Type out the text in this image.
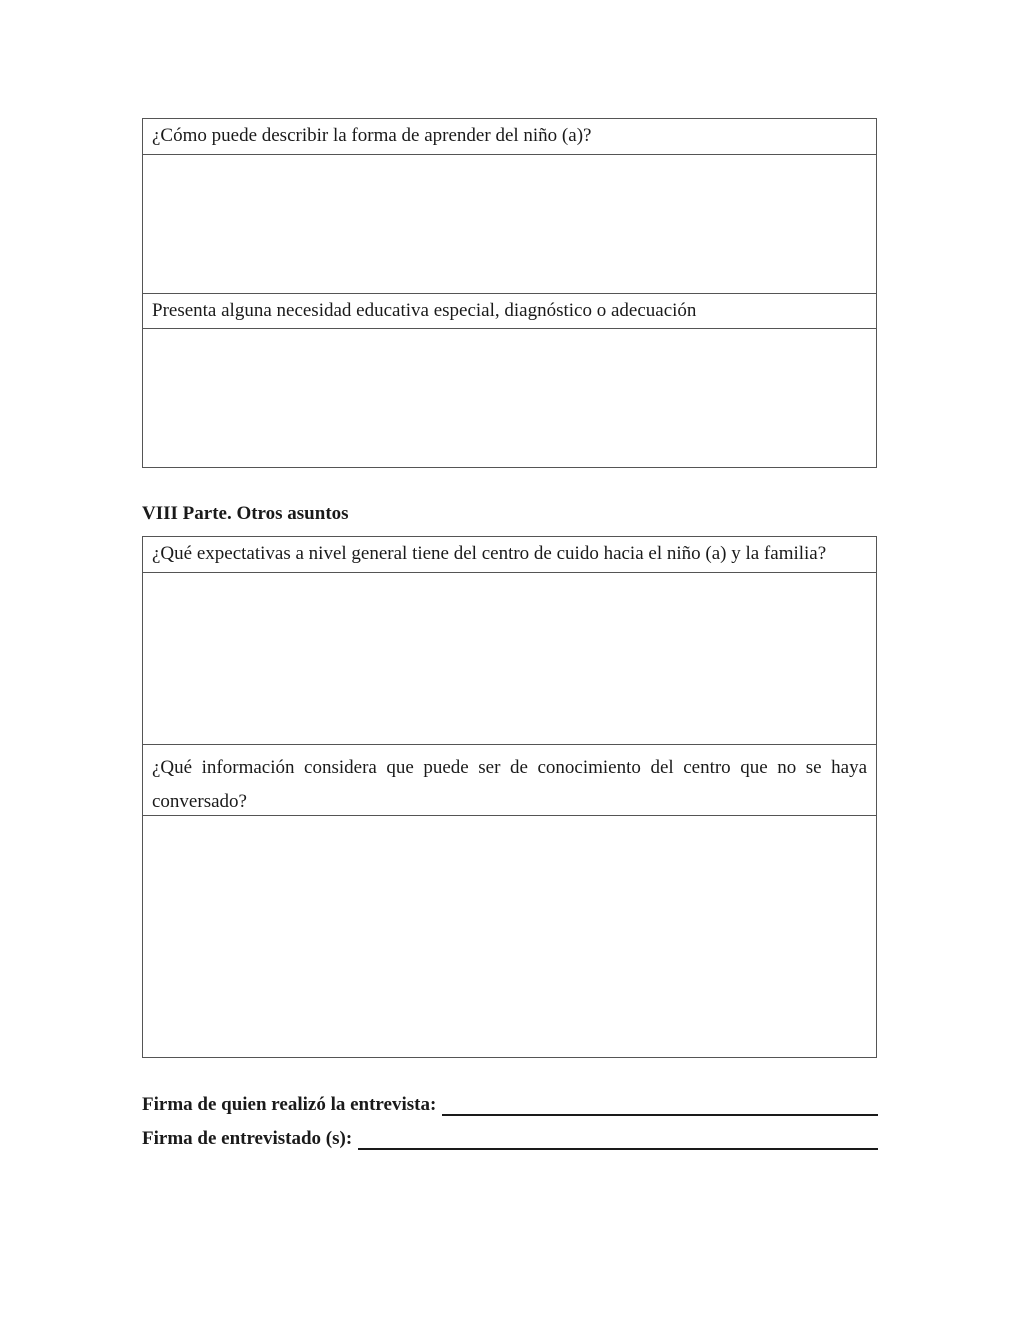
¿Cómo puede describir la forma de aprender del niño (a)?
Presenta alguna necesidad educativa especial, diagnóstico o adecuación
VIII Parte. Otros asuntos
¿Qué expectativas a nivel general tiene del centro de cuido hacia el niño (a) y la familia?
¿Qué información considera que puede ser de conocimiento del centro que no se haya conversado?
Firma de quien realizó la entrevista:
Firma de entrevistado (s):
